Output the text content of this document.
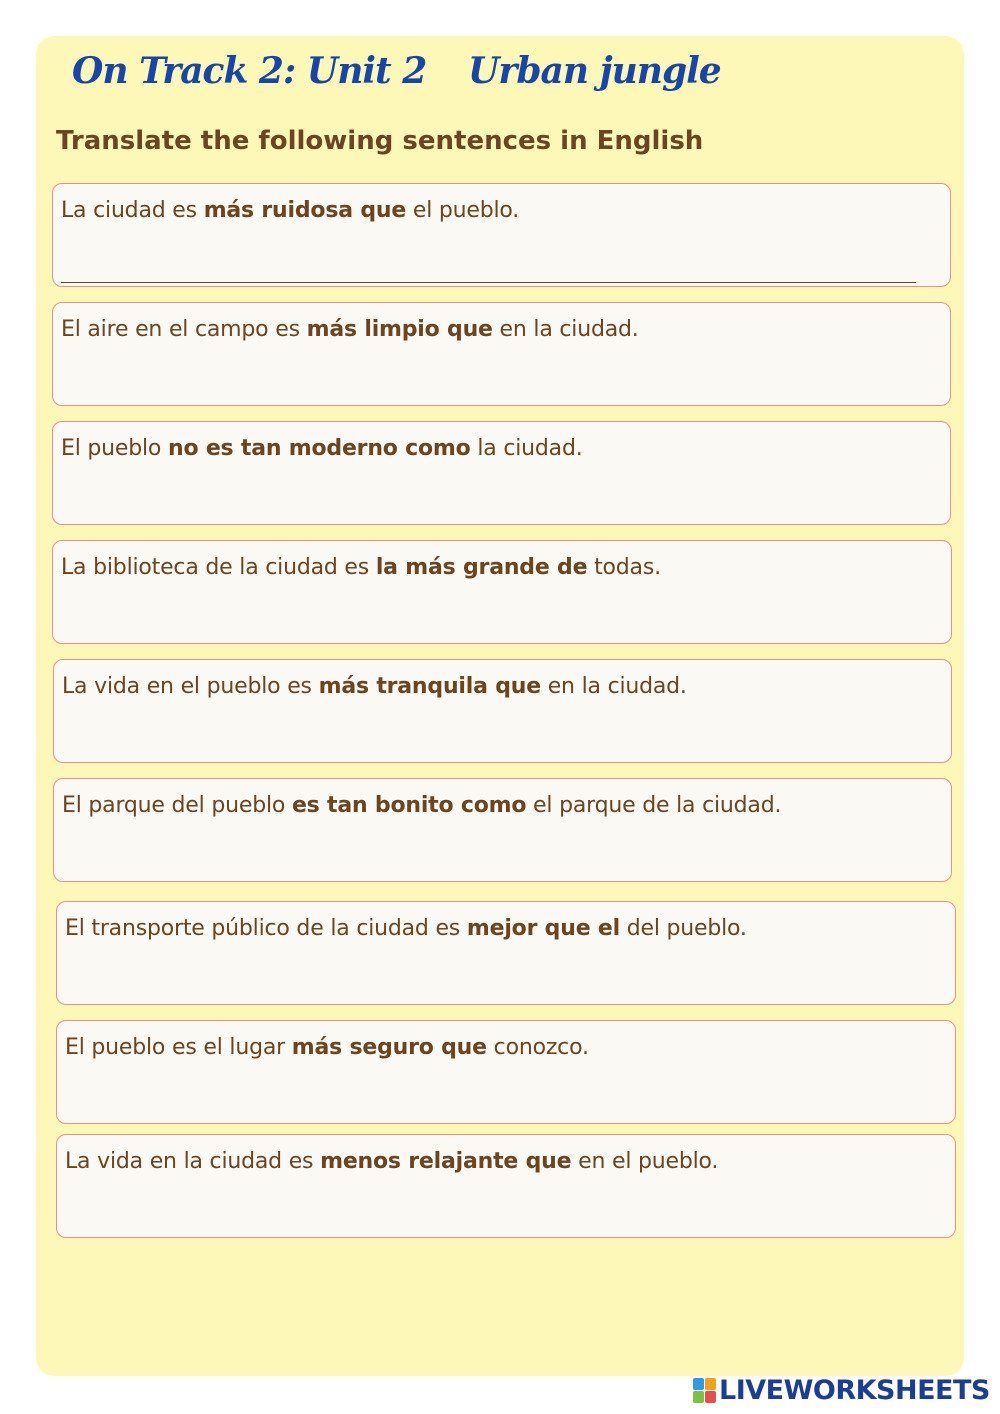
On Track 2: Unit 2 Urban jungle
Translate the following sentences in English
La ciudad es más ruidosa que el pueblo.
El aire en el campo es más limpio que en la ciudad.
El pueblo no es tan moderno como la ciudad.
La biblioteca de la ciudad es la más grande de todas.
La vida en el pueblo es más tranquila que en la ciudad.
El parque del pueblo es tan bonito como el parque de la ciudad.
El transporte público de la ciudad es mejor que el del pueblo.
El pueblo es el lugar más seguro que conozco.
La vida en la ciudad es menos relajante que en el pueblo.
LIVEWORKSHEETS
